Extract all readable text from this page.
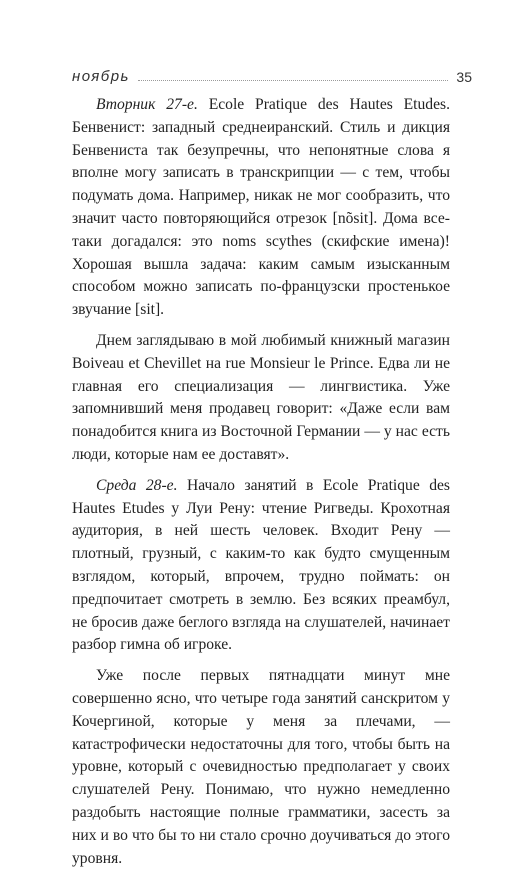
ноябрь	35

Вторник 27-е. Ecole Pratique des Hautes Etudes. Бенвенист: западный среднеиранский. Стиль и дикция Бенвениста так безупречны, что непонятные слова я вполне могу записать в транскрипции — с тем, чтобы подумать дома. Например, никак не мог сообразить, что значит часто повторяющийся отрезок [nõsit]. Дома все-таки догадался: это noms scythes (скифские имена)! Хорошая вышла задача: каким самым изысканным способом можно записать по-французски простенькое звучание [sit].

Днем заглядываю в мой любимый книжный магазин Boiveau et Chevillet на rue Monsieur le Prince. Едва ли не главная его специализация — лингвистика. Уже запомнивший меня продавец говорит: «Даже если вам понадобится книга из Восточной Германии — у нас есть люди, которые нам ее доставят».

Среда 28-е. Начало занятий в Ecole Pratique des Hautes Etudes у Луи Рену: чтение Ригведы. Крохотная аудитория, в ней шесть человек. Входит Рену — плотный, грузный, с каким-то как будто смущенным взглядом, который, впрочем, трудно поймать: он предпочитает смотреть в землю. Без всяких преамбул, не бросив даже беглого взгляда на слушателей, начинает разбор гимна об игроке.

Уже после первых пятнадцати минут мне совершенно ясно, что четыре года занятий санскритом у Кочергиной, которые у меня за плечами, — катастрофически недостаточны для того, чтобы быть на уровне, который с очевидностью предполагает у своих слушателей Рену. Понимаю, что нужно немедленно раздобыть настоящие полные грамматики, засесть за них и во что бы то ни стало срочно доучиваться до этого уровня.
